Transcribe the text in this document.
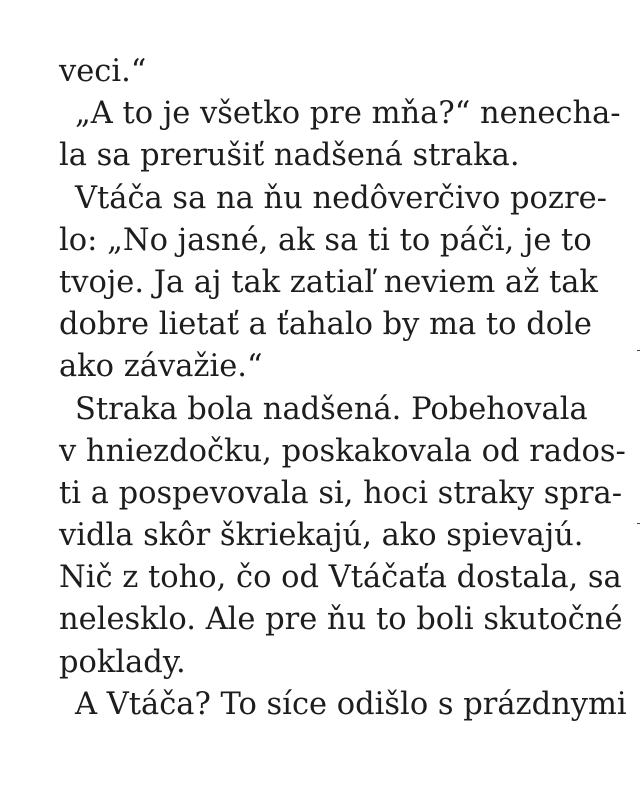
veci.“
„A to je všetko pre mňa?“ nenecha-
la sa prerušiť nadšená straka.
Vtáča sa na ňu nedôverčivo pozre-
lo: „No jasné, ak sa ti to páči, je to
tvoje. Ja aj tak zatiaľ neviem až tak
dobre lietať a ťahalo by ma to dole
ako závažie.“
Straka bola nadšená. Pobehovala
v hniezdočku, poskakovala od rados-
ti a pospevovala si, hoci straky spra-
vidla skôr škriekajú, ako spievajú.
Nič z toho, čo od Vtáčaťa dostala, sa
nelesklo. Ale pre ňu to boli skutočné
poklady.
A Vtáča? To síce odišlo s prázdnymi
